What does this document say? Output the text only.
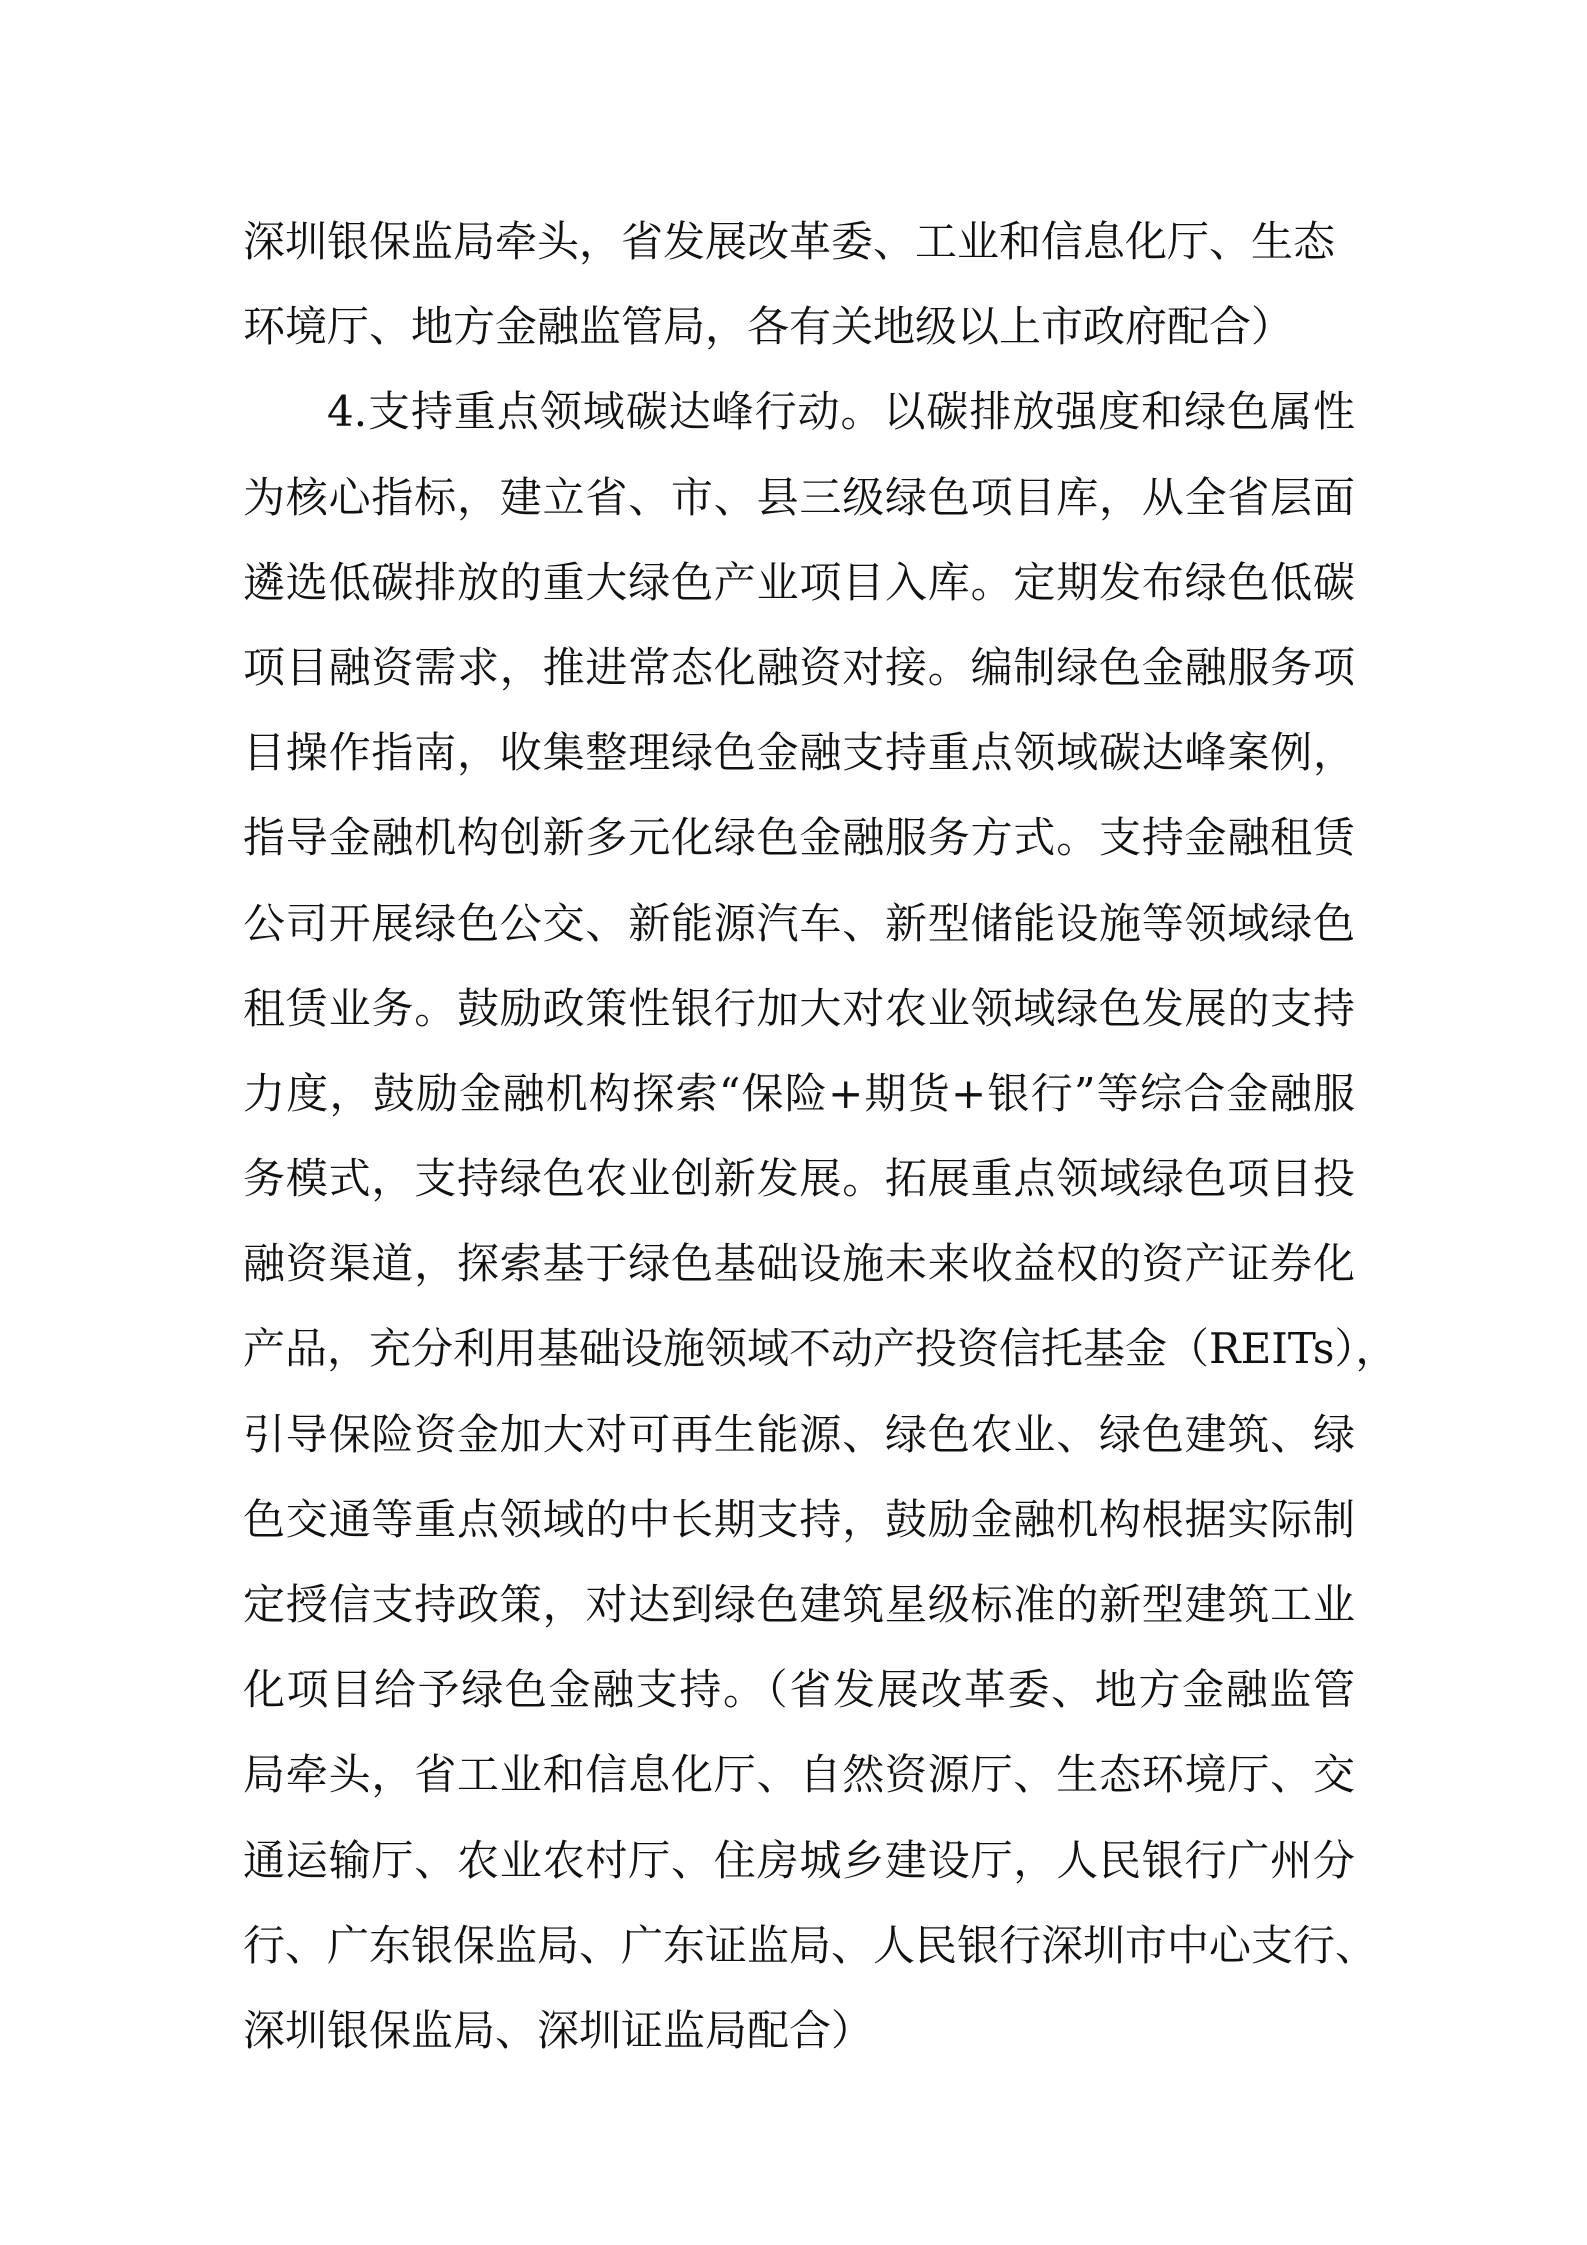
深圳银保监局牵头，省发展改革委、工业和信息化厅、生态
环境厅、地方金融监管局，各有关地级以上市政府配合）
4.支持重点领域碳达峰行动。以碳排放强度和绿色属性
为核心指标，建立省、市、县三级绿色项目库，从全省层面
遴选低碳排放的重大绿色产业项目入库。定期发布绿色低碳
项目融资需求，推进常态化融资对接。编制绿色金融服务项
目操作指南，收集整理绿色金融支持重点领域碳达峰案例，
指导金融机构创新多元化绿色金融服务方式。支持金融租赁
公司开展绿色公交、新能源汽车、新型储能设施等领域绿色
租赁业务。鼓励政策性银行加大对农业领域绿色发展的支持
力度，鼓励金融机构探索“保险+期货+银行”等综合金融服
务模式，支持绿色农业创新发展。拓展重点领域绿色项目投
融资渠道，探索基于绿色基础设施未来收益权的资产证券化
产品，充分利用基础设施领域不动产投资信托基金（REITs），
引导保险资金加大对可再生能源、绿色农业、绿色建筑、绿
色交通等重点领域的中长期支持，鼓励金融机构根据实际制
定授信支持政策，对达到绿色建筑星级标准的新型建筑工业
化项目给予绿色金融支持。（省发展改革委、地方金融监管
局牵头，省工业和信息化厅、自然资源厅、生态环境厅、交
通运输厅、农业农村厅、住房城乡建设厅，人民银行广州分
行、广东银保监局、广东证监局、人民银行深圳市中心支行、
深圳银保监局、深圳证监局配合）
